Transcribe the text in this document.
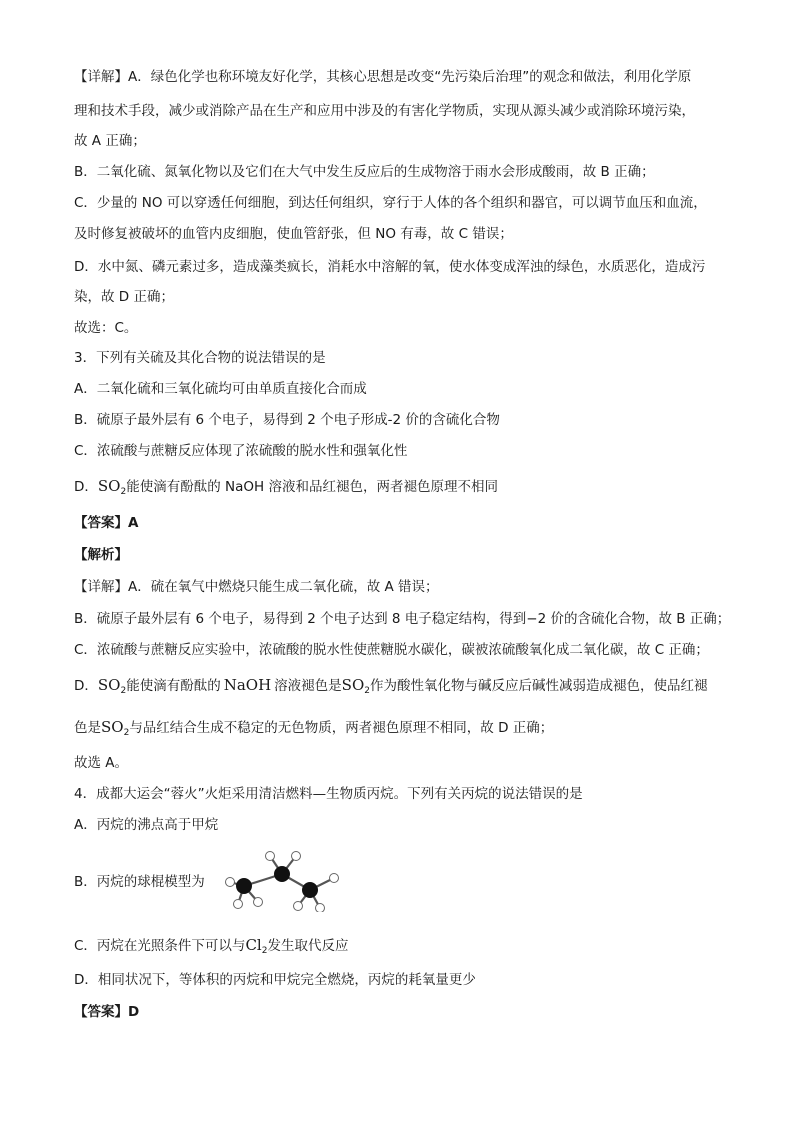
【详解】A．绿色化学也称环境友好化学，其核心思想是改变“先污染后治理”的观念和做法，利用化学原
理和技术手段，减少或消除产品在生产和应用中涉及的有害化学物质，实现从源头减少或消除环境污染，
故 A 正确；
B．二氧化硫、氮氧化物以及它们在大气中发生反应后的生成物溶于雨水会形成酸雨，故 B 正确；
C．少量的 NO 可以穿透任何细胞，到达任何组织，穿行于人体的各个组织和器官，可以调节血压和血流，
及时修复被破坏的血管内皮细胞，使血管舒张，但 NO 有毒，故 C 错误；
D．水中氮、磷元素过多，造成藻类疯长，消耗水中溶解的氧，使水体变成浑浊的绿色，水质恶化，造成污
染，故 D 正确；
故选：C。
3．下列有关硫及其化合物的说法错误的是
A．二氧化硫和三氧化硫均可由单质直接化合而成
B．硫原子最外层有 6 个电子，易得到 2 个电子形成-2 价的含硫化合物
C．浓硫酸与蔗糖反应体现了浓硫酸的脱水性和强氧化性
D．$SO_2$能使滴有酚酞的 NaOH 溶液和品红褪色，两者褪色原理不相同
【答案】A
【解析】
【详解】A．硫在氧气中燃烧只能生成二氧化硫，故 A 错误；
B．硫原子最外层有 6 个电子，易得到 2 个电子达到 8 电子稳定结构，得到−2 价的含硫化合物，故 B 正确；
C．浓硫酸与蔗糖反应实验中，浓硫酸的脱水性使蔗糖脱水碳化，碳被浓硫酸氧化成二氧化碳，故 C 正确；
D．$SO_2$能使滴有酚酞的 NaOH 溶液褪色是$SO_2$作为酸性氧化物与碱反应后碱性减弱造成褪色，使品红褪
色是$SO_2$与品红结合生成不稳定的无色物质，两者褪色原理不相同，故 D 正确；
故选 A。
4．成都大运会“蓉火”火炬采用清洁燃料—生物质丙烷。下列有关丙烷的说法错误的是
A．丙烷的沸点高于甲烷
B．丙烷的球棍模型为
C．丙烷在光照条件下可以与$Cl_2$发生取代反应
D．相同状况下，等体积的丙烷和甲烷完全燃烧，丙烷的耗氧量更少
【答案】D
